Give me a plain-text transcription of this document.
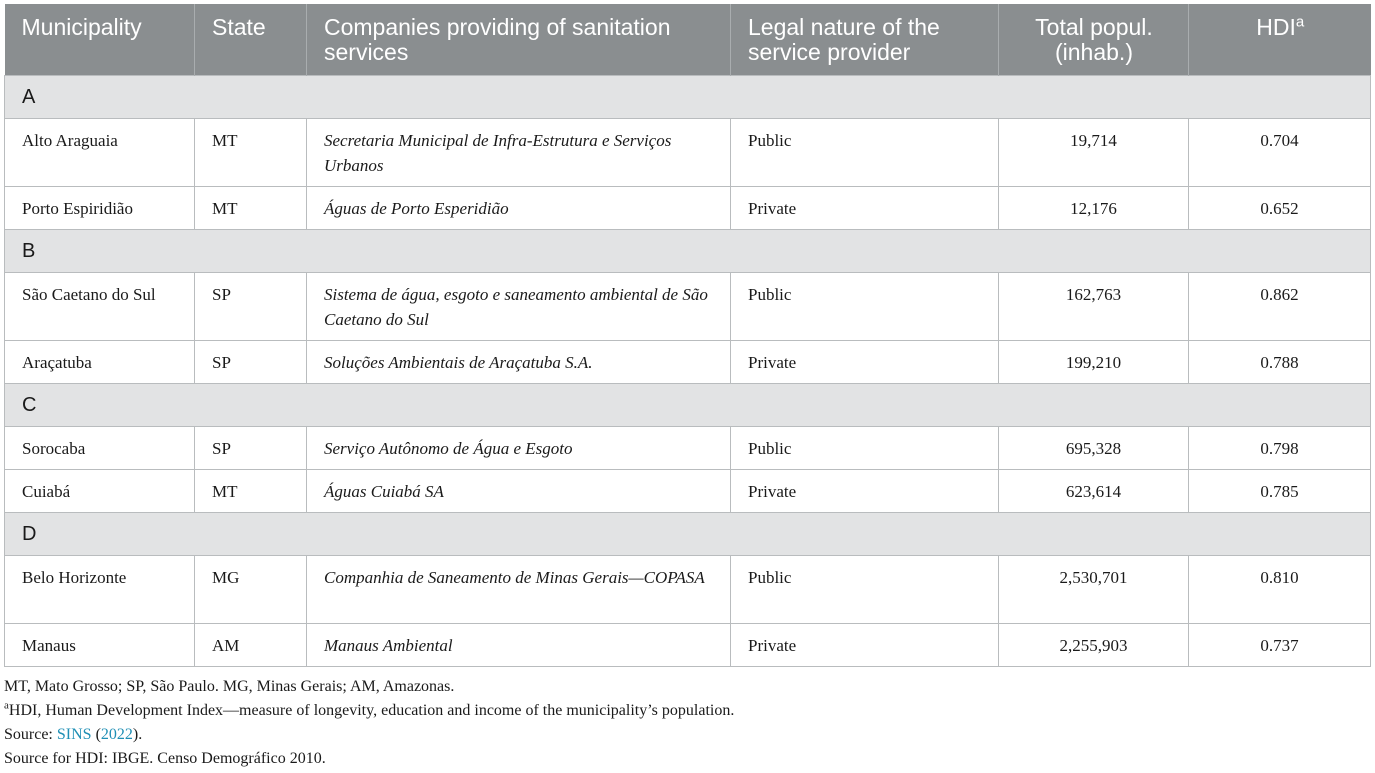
Municipality	State	Companies providing of sanitation services	Legal nature of the service provider	Total popul. (inhab.)	HDI$^a$
A					
Alto Araguaia	MT	Secretaria Municipal de Infra-Estrutura e Serviços Urbanos	Public	19,714	0.704
Porto Espiridião	MT	Águas de Porto Esperidião	Private	12,176	0.652
B					
São Caetano do Sul	SP	Sistema de água, esgoto e saneamento ambiental de São Caetano do Sul	Public	162,763	0.862
Araçatuba	SP	Soluções Ambientais de Araçatuba S.A.	Private	199,210	0.788
C					
Sorocaba	SP	Serviço Autônomo de Água e Esgoto	Public	695,328	0.798
Cuiabá	MT	Águas Cuiabá SA	Private	623,614	0.785
D					
Belo Horizonte	MG	Companhia de Saneamento de Minas Gerais—COPASA	Public	2,530,701	0.810
Manaus	AM	Manaus Ambiental	Private	2,255,903	0.737
MT, Mato Grosso; SP, São Paulo. MG, Minas Gerais; AM, Amazonas.
$^a$HDI, Human Development Index—measure of longevity, education and income of the municipality’s population.
Source: SINS (2022).
Source for HDI: IBGE. Censo Demográfico 2010.
